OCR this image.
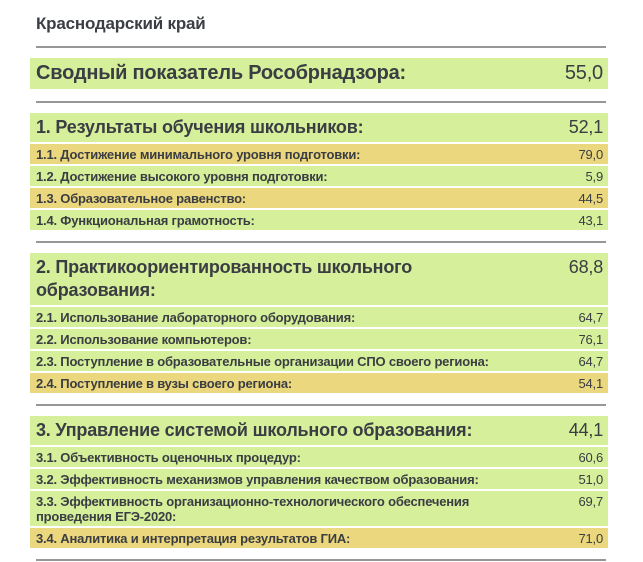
Краснодарский край
Сводный показатель Рособрнадзора:	55,0
1. Результаты обучения школьников:	52,1
1.1. Достижение минимального уровня подготовки:	79,0
1.2. Достижение высокого уровня подготовки:	5,9
1.3. Образовательное равенство:	44,5
1.4. Функциональная грамотность:	43,1
2. Практикоориентированность школьного образования:
68,8
2.1. Использование лабораторного оборудования:	64,7
2.2. Использование компьютеров:	76,1
2.3. Поступление в образовательные организации СПО своего региона:	64,7
2.4. Поступление в вузы своего региона:	54,1
3. Управление системой школьного образования:	44,1
3.1. Объективность оценочных процедур:	60,6
3.2. Эффективность механизмов управления качеством образования:	51,0
3.3. Эффективность организационно-технологического обеспечения проведения ЕГЭ-2020:
69,7
3.4. Аналитика и интерпретация результатов ГИА:	71,0
